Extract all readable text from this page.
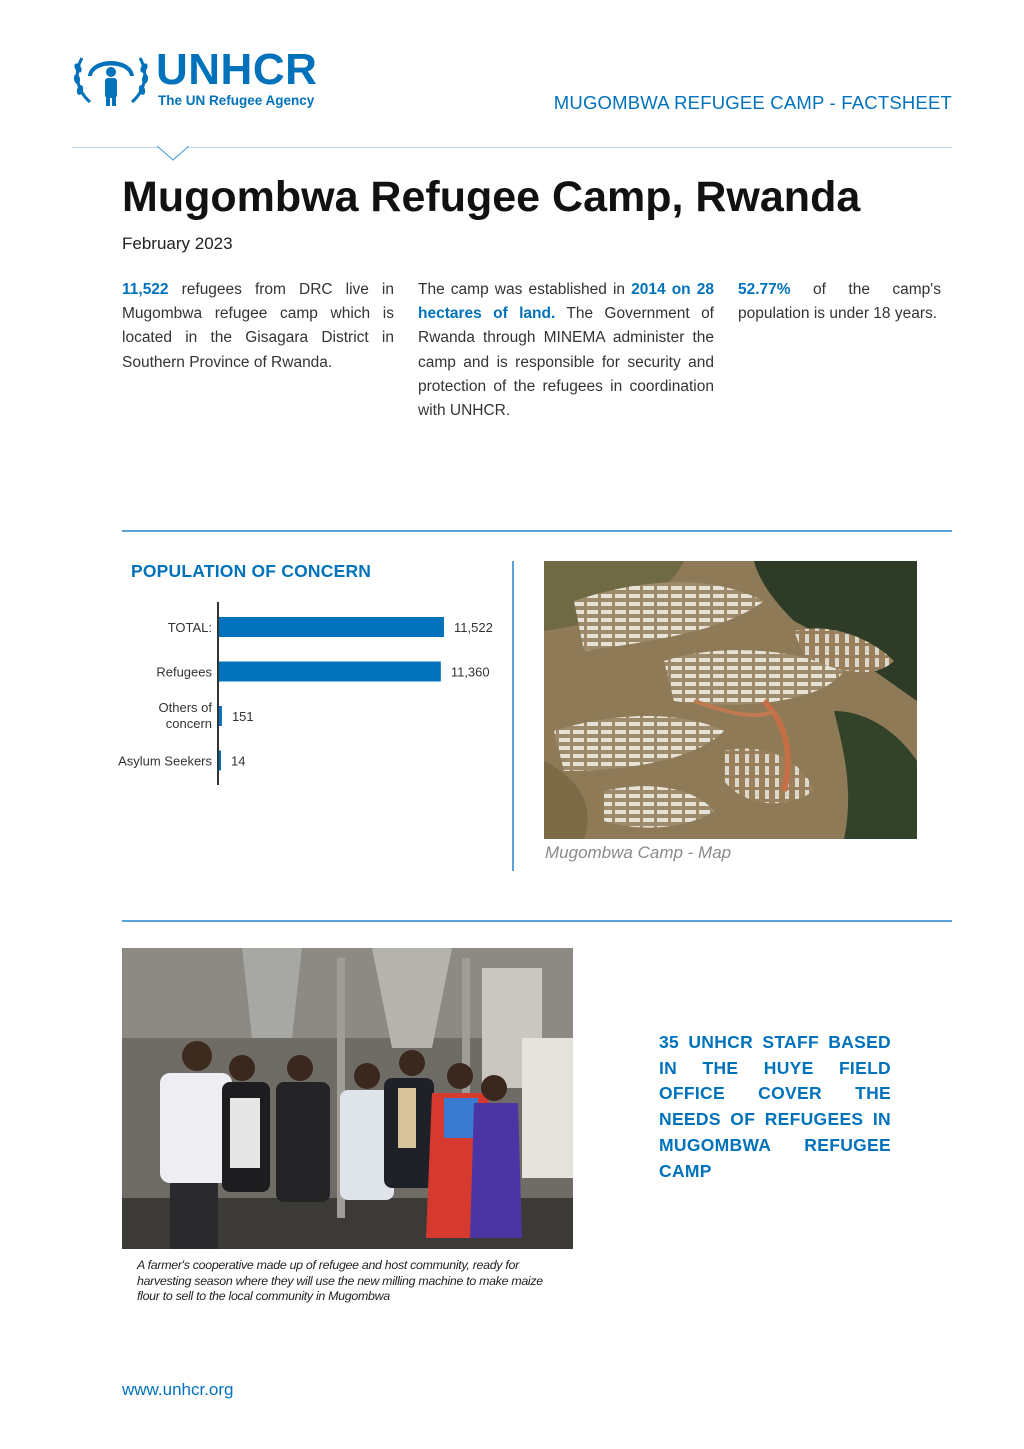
UNHCR
The UN Refugee Agency	MUGOMBWA REFUGEE CAMP - FACTSHEET
Mugombwa Refugee Camp, Rwanda
February 2023
11,522 refugees from DRC live in Mugombwa refugee camp which is located in the Gisagara District in Southern Province of Rwanda.
The camp was established in 2014 on 28 hectares of land. The Government of Rwanda through MINEMA administer the camp and is responsible for security and protection of the refugees in coordination with UNHCR.
52.77% of the camp's population is under 18 years.
POPULATION OF CONCERN
TOTAL:	11,522
Refugees	11,360
Others of concern 151
Asylum Seekers 14
Mugombwa Camp - Map
A farmer's cooperative made up of refugee and host community, ready for harvesting season where they will use the new milling machine to make maize flour to sell to the local community in Mugombwa
35 UNHCR STAFF BASED IN THE HUYE FIELD OFFICE COVER THE NEEDS OF REFUGEES IN MUGOMBWA REFUGEE CAMP
www.unhcr.org
